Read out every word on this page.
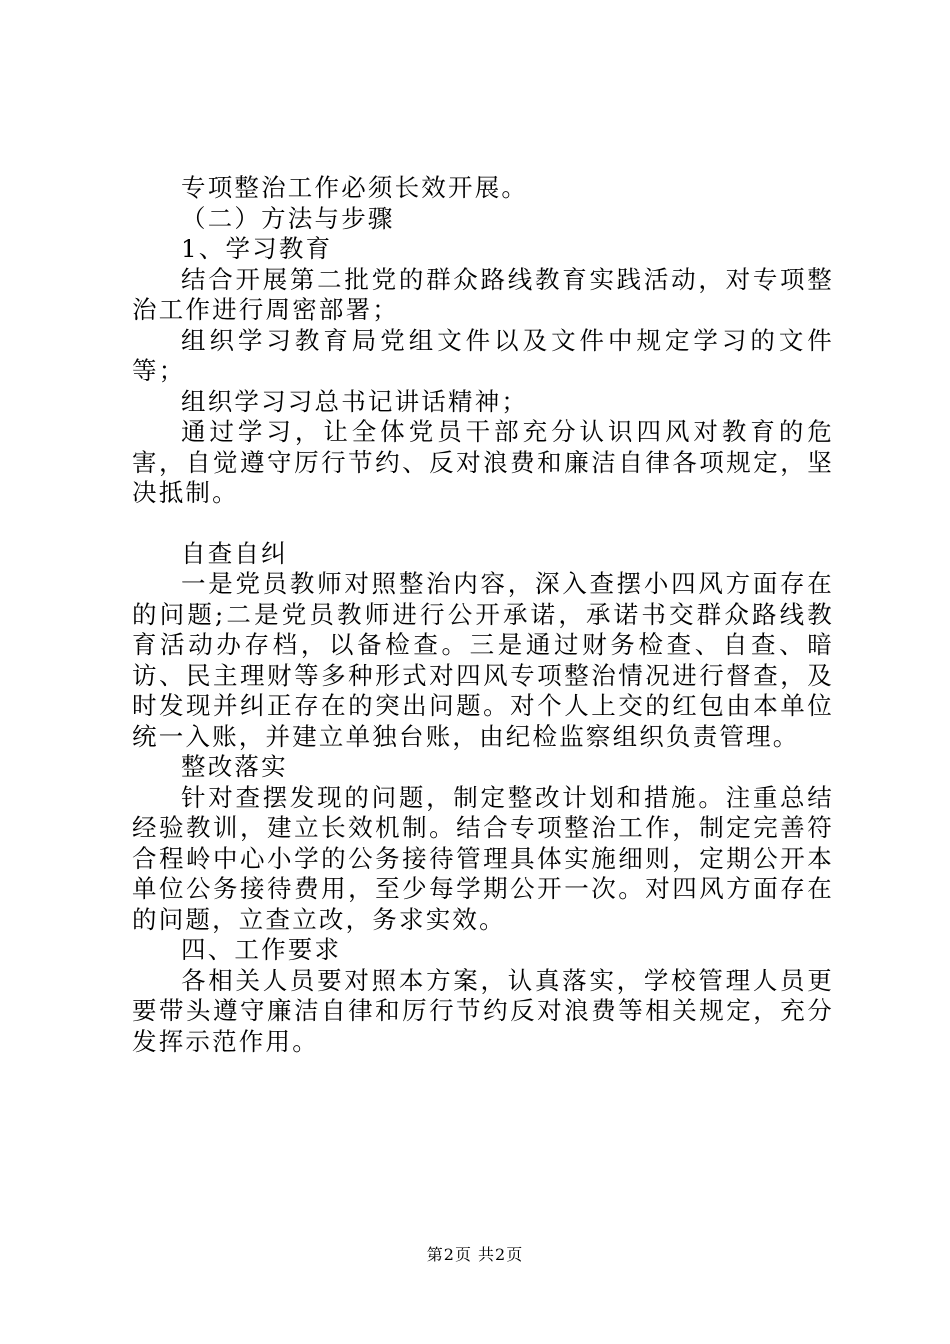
专项整治工作必须长效开展。

（二）方法与步骤

1、学习教育

结合开展第二批党的群众路线教育实践活动，对专项整治工作进行周密部署；

组织学习教育局党组文件以及文件中规定学习的文件等；

组织学习习总书记讲话精神；

通过学习，让全体党员干部充分认识四风对教育的危害，自觉遵守厉行节约、反对浪费和廉洁自律各项规定，坚决抵制。

自查自纠

一是党员教师对照整治内容，深入查摆小四风方面存在的问题;二是党员教师进行公开承诺，承诺书交群众路线教育活动办存档，以备检查。三是通过财务检查、自查、暗访、民主理财等多种形式对四风专项整治情况进行督查，及时发现并纠正存在的突出问题。对个人上交的红包由本单位统一入账，并建立单独台账，由纪检监察组织负责管理。

整改落实

针对查摆发现的问题，制定整改计划和措施。注重总结经验教训，建立长效机制。结合专项整治工作，制定完善符合程岭中心小学的公务接待管理具体实施细则，定期公开本单位公务接待费用，至少每学期公开一次。对四风方面存在的问题，立查立改，务求实效。

四、工作要求

各相关人员要对照本方案，认真落实，学校管理人员更要带头遵守廉洁自律和厉行节约反对浪费等相关规定，充分发挥示范作用。

第2页 共2页
